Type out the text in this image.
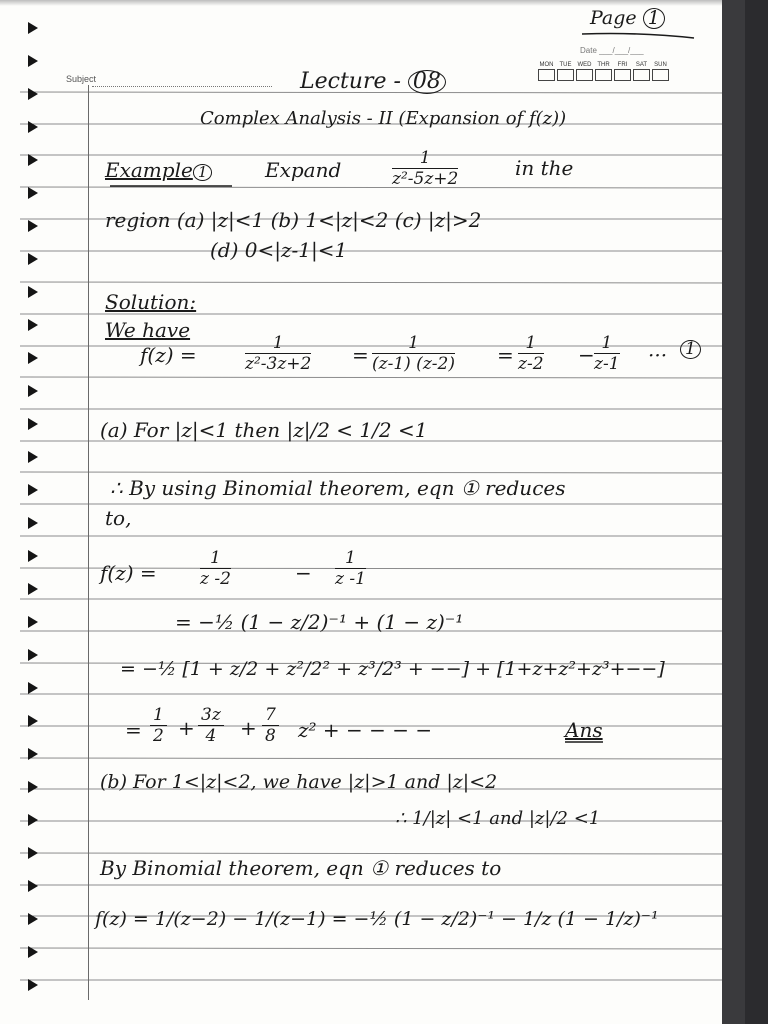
Subject
Date ___/___/___
MON	TUE	WED THR	FRI	SAT	SUN
Page 1
Lecture - 08
Complex Analysis - II (Expansion of f(z))
Example 1	Expand	$\frac{1}{\text{z²-5z+2}}$	in the
region (a) |z|<1 (b) 1<|z|<2 (c) |z|>2
(d) 0<|z-1|<1
Solution:
We have
f(z) =	$\frac{1}{\text{z²-3z+2}} = \frac{1}{(z-1) (z-2)} = \frac{1}{z-2} - \frac{1}{z-1}$ ··· 1
(a) For |z|<1 then |z|/2 < 1/2 <1
∴ By using Binomial theorem, eqn ① reduces
to,
f(z) =	$\frac{1}{z -2}$	− $\frac{1}{z -1}$
= −½ (1 − z/2)⁻¹ + (1 − z)⁻¹
= −½ [1 + z/2 + z²/2² + z³/2³ + −−] + [1+z+z²+z³+−−]
= $\frac{1}{2} + \frac{3z}{4} + \frac{7}{8} z^2$ + − − − −	Ans
(b) For 1<|z|<2, we have |z|>1 and |z|<2
∴ 1/|z| <1 and |z|/2 <1
By Binomial theorem, eqn ① reduces to
f(z) = 1/(z−2) − 1/(z−1) = −½ (1 − z/2)⁻¹ − 1/z (1 − 1/z)⁻¹
